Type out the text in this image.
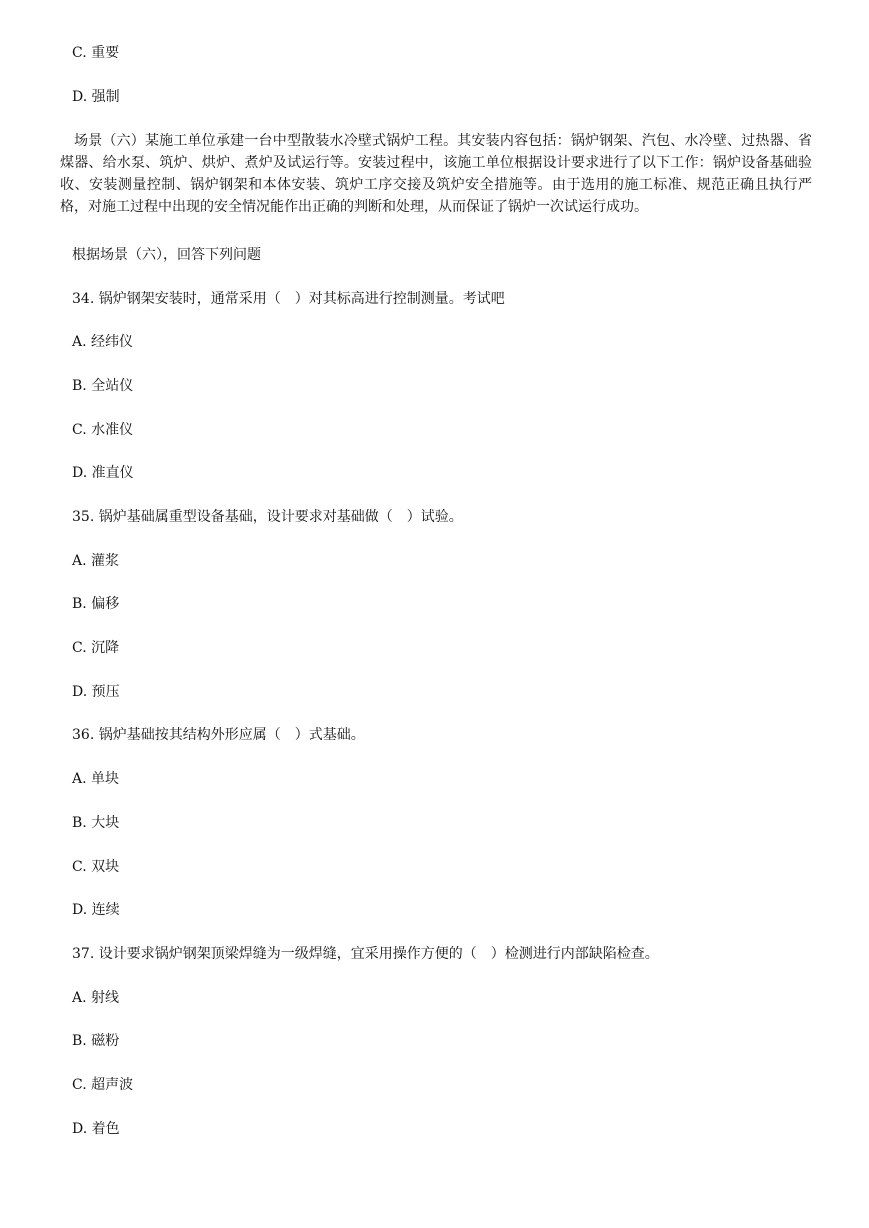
C. 重要
D. 强制
场景（六）某施工单位承建一台中型散装水冷壁式锅炉工程。其安装内容包括：锅炉钢架、汽包、水冷壁、过热器、省煤器、给水泵、筑炉、烘炉、煮炉及试运行等。安装过程中，该施工单位根据设计要求进行了以下工作：锅炉设备基础验收、安装测量控制、锅炉钢架和本体安装、筑炉工序交接及筑炉安全措施等。由于选用的施工标准、规范正确且执行严格，对施工过程中出现的安全情况能作出正确的判断和处理，从而保证了锅炉一次试运行成功。
根据场景（六），回答下列问题
34. 锅炉钢架安装时，通常采用（　）对其标高进行控制测量。考试吧
A. 经纬仪
B. 全站仪
C. 水准仪
D. 准直仪
35. 锅炉基础属重型设备基础，设计要求对基础做（　）试验。
A. 灌浆
B. 偏移
C. 沉降
D. 预压
36. 锅炉基础按其结构外形应属（　）式基础。
A. 单块
B. 大块
C. 双块
D. 连续
37. 设计要求锅炉钢架顶梁焊缝为一级焊缝，宜采用操作方便的（　）检测进行内部缺陷检查。
A. 射线
B. 磁粉
C. 超声波
D. 着色
